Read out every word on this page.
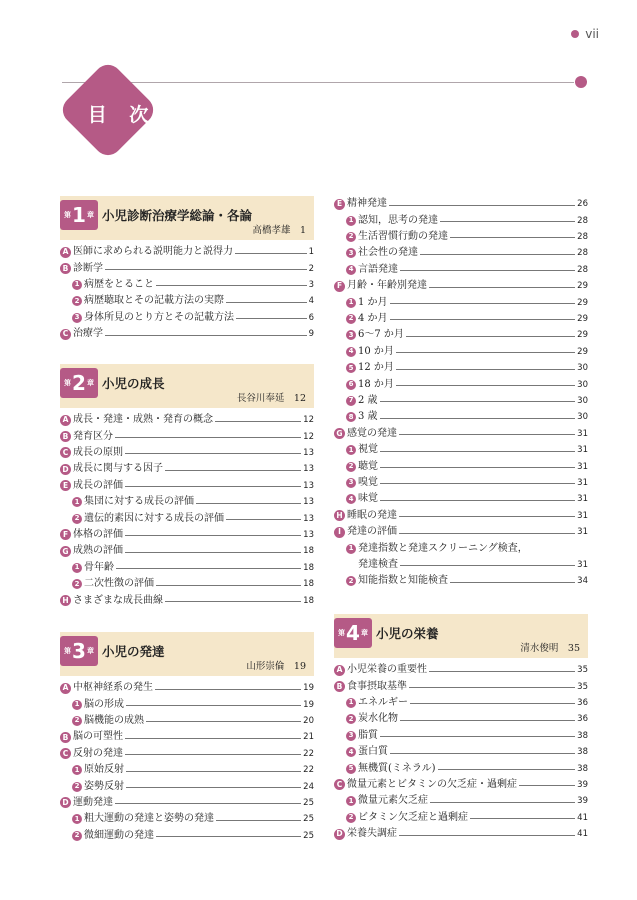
vii
目 次
第 1 章 小児診断治療学総論・各論
高橋孝雄　1
A 医師に求められる説明能力と説得力	1
B 診断学	2
1 病歴をとること	3
2 病歴聴取とその記載方法の実際	4
3 身体所見のとり方とその記載方法	6
C 治療学	9
第 2 章 小児の成長
長谷川奉延　12
A 成長・発達・成熟・発育の概念	12
B 発育区分	12
C 成長の原則	13
D 成長に関与する因子	13
E 成長の評価	13
1 集団に対する成長の評価	13
2 遺伝的素因に対する成長の評価	13
F 体格の評価	13
G 成熟の評価	18
1 骨年齢	18
2 二次性徴の評価	18
H さまざまな成長曲線	18
第 3 章 小児の発達
山形崇倫　19
A 中枢神経系の発生	19
1 脳の形成	19
2 脳機能の成熟	20
B 脳の可塑性	21
C 反射の発達	22
1 原始反射	22
2 姿勢反射	24
D 運動発達	25
1 粗大運動の発達と姿勢の発達	25
2 微細運動の発達	25
E 精神発達	26
1 認知，思考の発達	28
2 生活習慣行動の発達	28
3 社会性の発達	28
4 言語発達	28
F 月齢・年齢別発達	29
1 1 か月	29
2 4 か月	29
3 6～7 か月	29
4 10 か月	29
5 12 か月	30
6 18 か月	30
7 2 歳	30
8 3 歳	30
G 感覚の発達	31
1 視覚	31
2 聴覚	31
3 嗅覚	31
4 味覚	31
H 睡眠の発達	31
I 発達の評価	31
1 発達指数と発達スクリーニング検査，
発達検査	31
2 知能指数と知能検査	34
第 4 章 小児の栄養
清水俊明　35
A 小児栄養の重要性	35
B 食事摂取基準	35
1 エネルギー	36
2 炭水化物	36
3 脂質	38
4 蛋白質	38
5 無機質(ミネラル)	38
C 微量元素とビタミンの欠乏症・過剰症	39
1 微量元素欠乏症	39
2 ビタミン欠乏症と過剰症	41
D 栄養失調症	41
